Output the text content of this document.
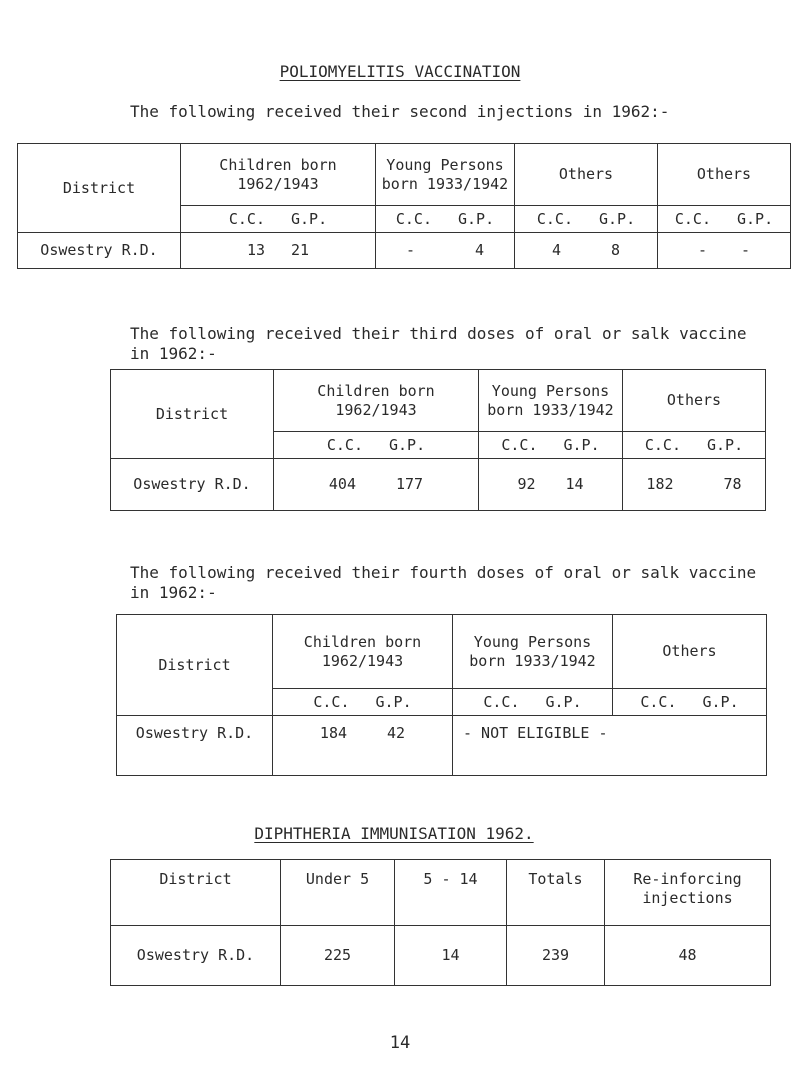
POLIOMYELITIS VACCINATION
The following received their second injections in 1962:-
District	Children born 1962/1943	Young Persons born 1933/1942	Others	Others

	C.C. G.P.	C.C. G.P.	C.C. G.P.	C.C. G.P.

Oswestry R.D.	13 21	- 4	4 8	- -
The following received their third doses of oral or salk vaccine
in 1962:-
District	Children born 1962/1943	Young Persons born 1933/1942	Others

	C.C. G.P.	C.C. G.P.	C.C. G.P.

Oswestry R.D.	404 177	92 14	182 78
The following received their fourth doses of oral or salk vaccine
in 1962:-
District	Children born 1962/1943	Young Persons born 1933/1942	Others

	C.C. G.P.	C.C. G.P.	C.C. G.P.

Oswestry R.D.	184 42	- NOT ELIGIBLE -	
DIPHTHERIA IMMUNISATION 1962.
District	Under 5	5 - 14	Totals	Re-inforcing injections
Oswestry R.D.	225	14	239	48
14
